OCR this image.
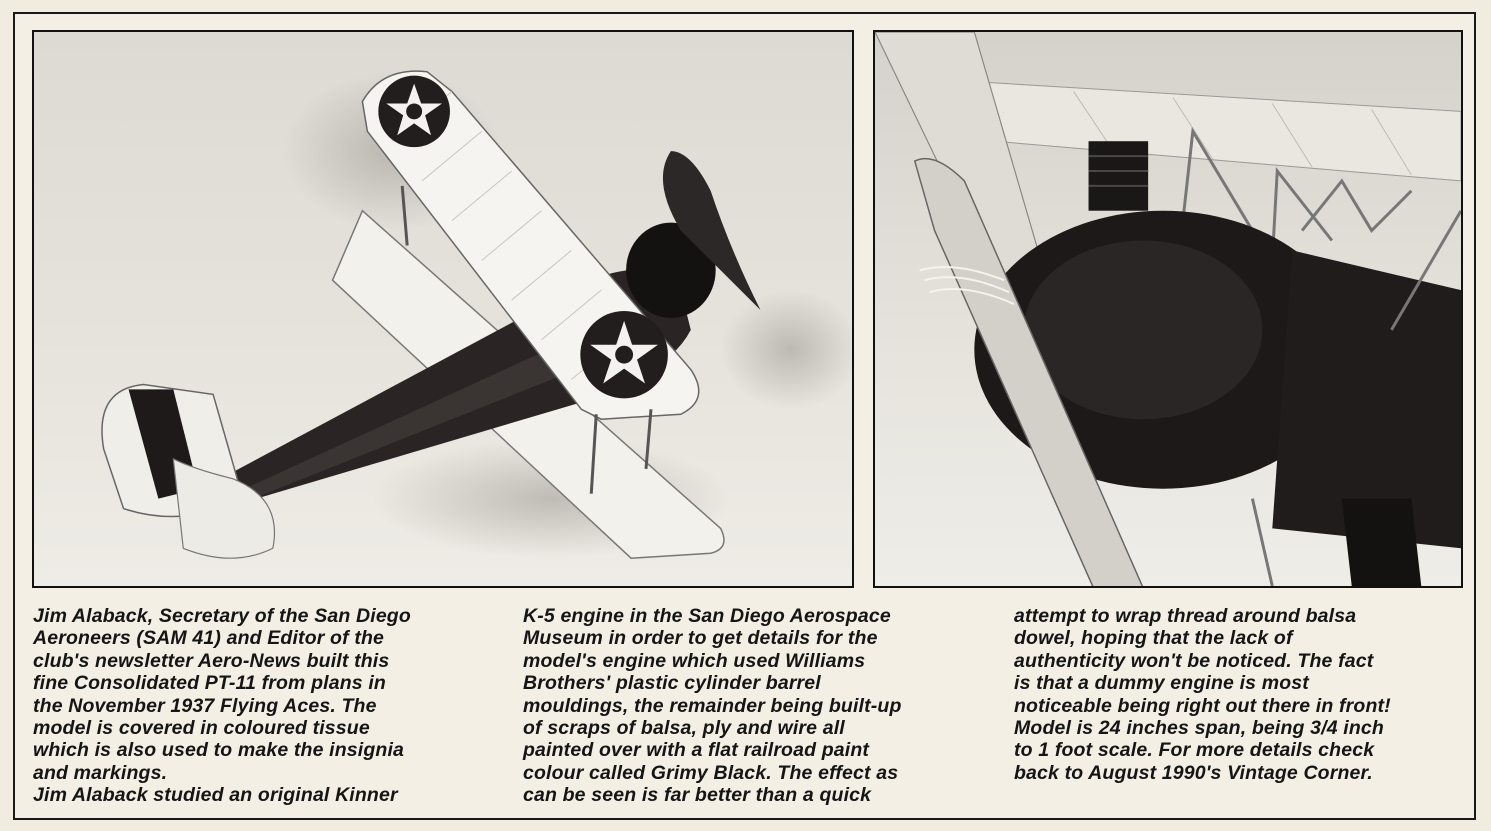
Jim Alaback, Secretary of the San Diego
Aeroneers (SAM 41) and Editor of the
club's newsletter Aero-News built this
fine Consolidated PT-11 from plans in
the November 1937 Flying Aces. The
model is covered in coloured tissue
which is also used to make the insignia
and markings.
Jim Alaback studied an original Kinner
K-5 engine in the San Diego Aerospace
Museum in order to get details for the
model's engine which used Williams
Brothers' plastic cylinder barrel
mouldings, the remainder being built-up
of scraps of balsa, ply and wire all
painted over with a flat railroad paint
colour called Grimy Black. The effect as
can be seen is far better than a quick
attempt to wrap thread around balsa
dowel, hoping that the lack of
authenticity won't be noticed. The fact
is that a dummy engine is most
noticeable being right out there in front!
Model is 24 inches span, being 3/4 inch
to 1 foot scale. For more details check
back to August 1990's Vintage Corner.
